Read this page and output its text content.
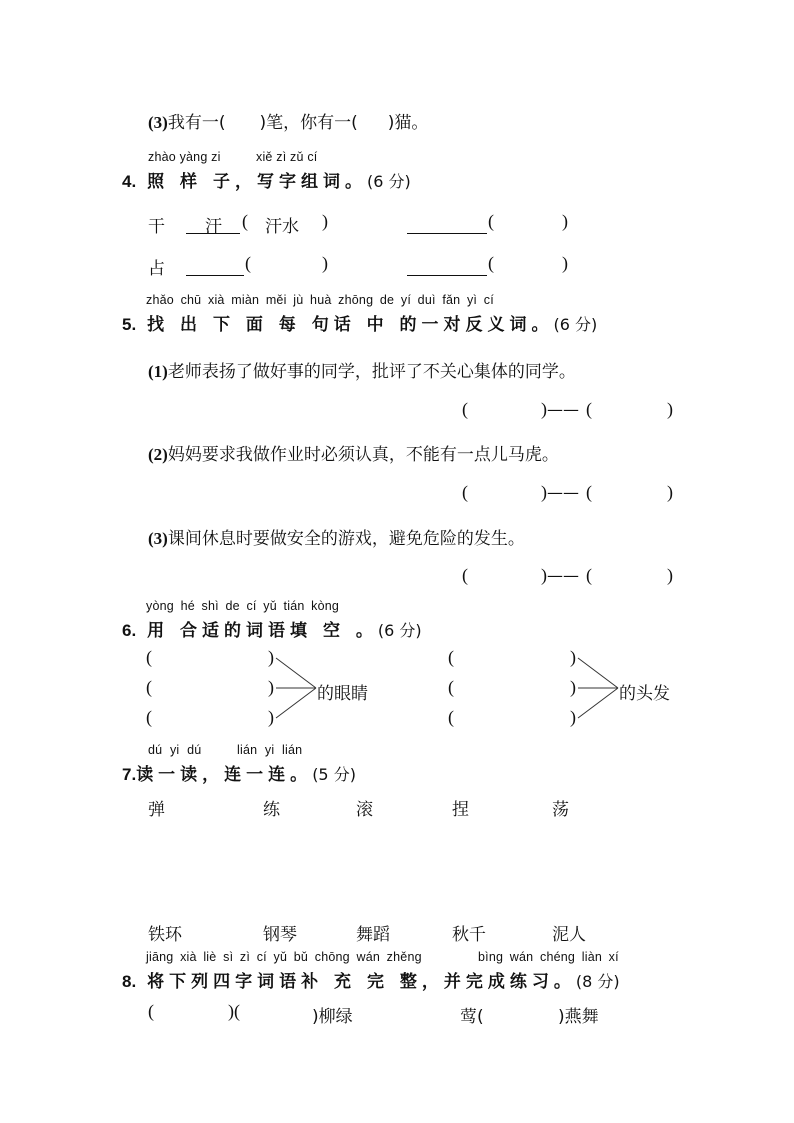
(3)我有一( )笔，你有一( )猫。
zhào yàng zi	xiě zì zǔ cí
4. 照 样 子，写字组词。(6 分)
干 汗 ( 汗水 )	(	)
占	(	)	(	)
zhǎo chū xià miàn měi jù huà zhōng de yí duì fǎn yì cí
5. 找 出 下 面 每 句话 中 的一对反义词。(6 分)
(1)老师表扬了做好事的同学，批评了不关心集体的同学。
(	) —— (	)
(2)妈妈要求我做作业时必须认真，不能有一点儿马虎。
(	) —— (	)
(3)课间休息时要做安全的游戏，避免危险的发生。
(	) —— (	)
yòng hé shì de cí yǔ tián kòng
6. 用 合适的词语填 空 。(6 分)
(	)
(	)
(	)
的眼睛
(	)
(	)
(	)
的头发
dú yi dú	lián yi lián
7.读一读，连一连。(5 分)
弹	练	滚	捏	荡
铁环	钢琴	舞蹈	秋千	泥人
jiāng xià liè sì zì cí yǔ bǔ chōng wán zhěng	bìng wán chéng liàn xí
8. 将下列四字词语补 充 完 整，并完成练习。(8 分)
(	) (	)柳绿	莺(	)燕舞
